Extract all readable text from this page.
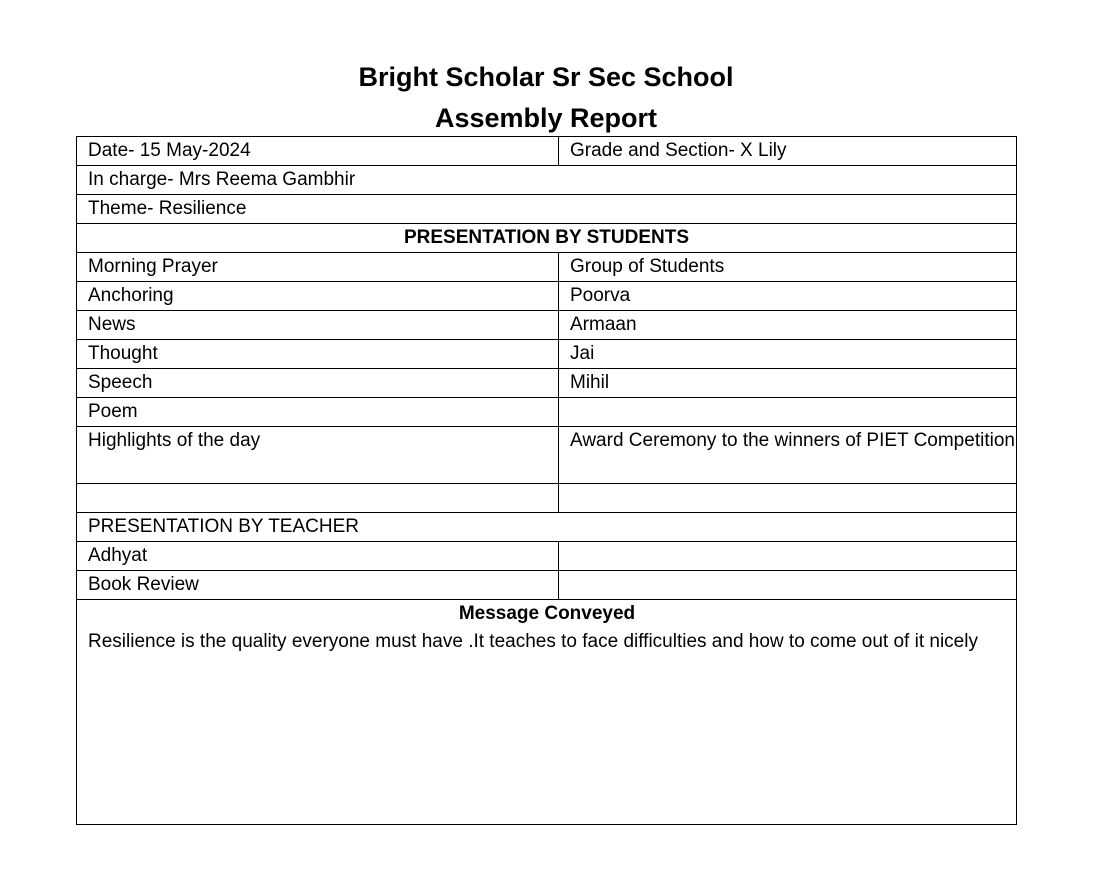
Bright Scholar Sr Sec School
Assembly Report
Date- 15 May-2024	Grade and Section- X Lily
In charge- Mrs Reema Gambhir	
Theme- Resilience	
PRESENTATION BY STUDENTS	
Morning Prayer	Group of Students
Anchoring	Poorva
News	Armaan
Thought	Jai
Speech	Mihil
Poem	
Highlights of the day	Award Ceremony to the winners of PIET Competition

PRESENTATION BY TEACHER	
Adhyat	
Book Review	

Message Conveyed
Resilience is the quality everyone must have .It teaches to face difficulties and how to come out of it nicely	
